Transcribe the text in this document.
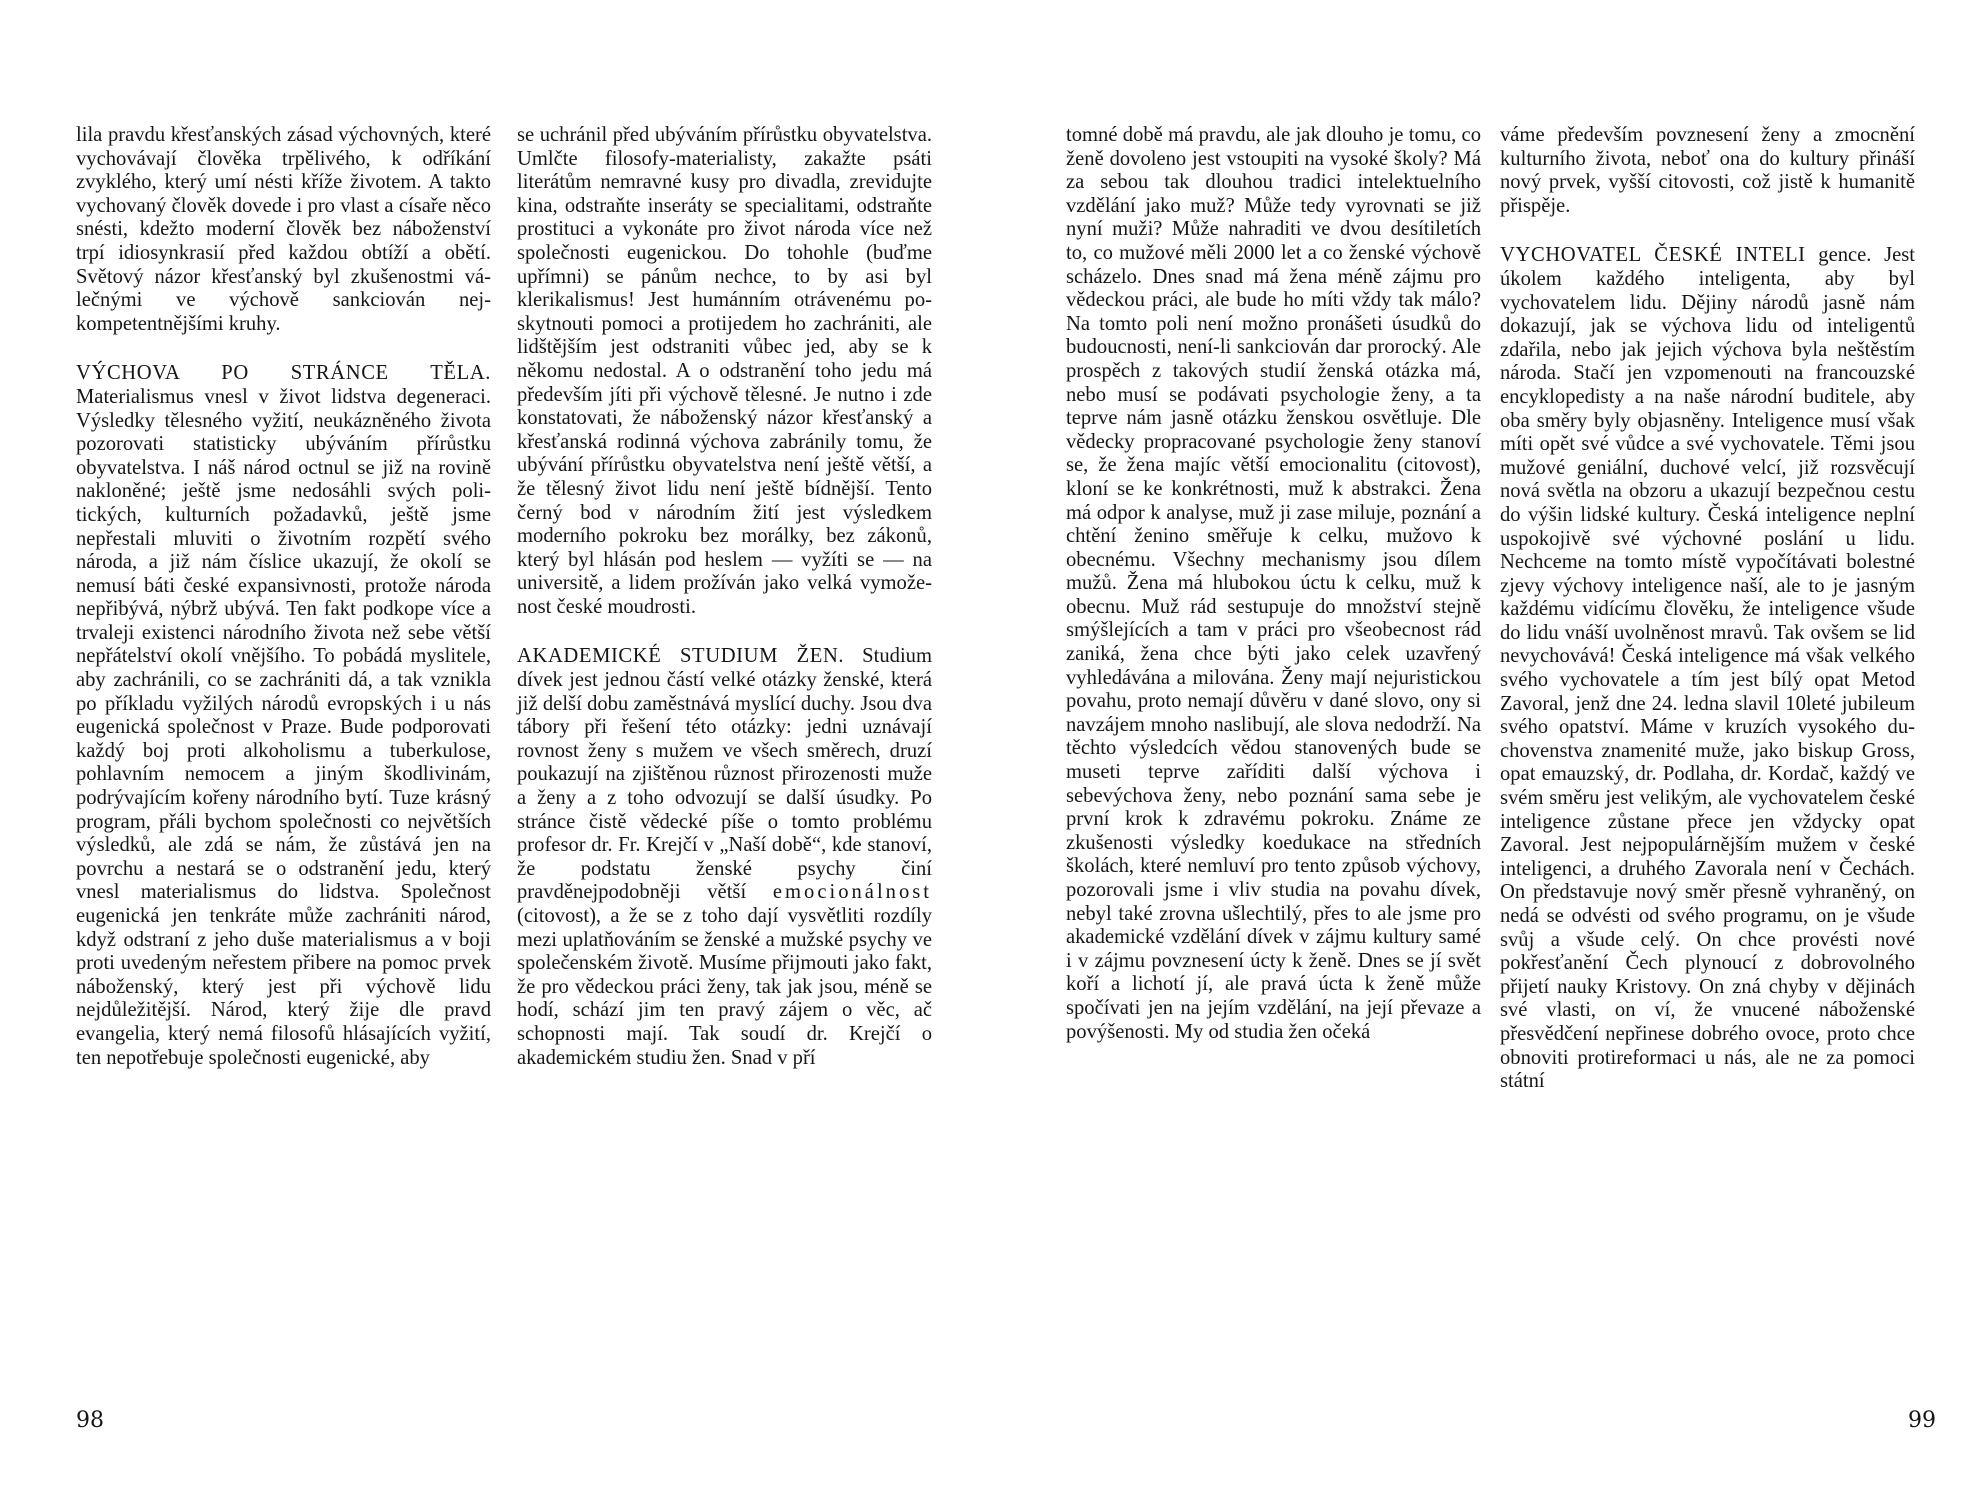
lila pravdu křesťanských zásad výchovných, které vychovávají člověka trpělivého, k odříkání zvyklého, který umí nésti kříže životem. A takto vychovaný člověk dovede i pro vlast a císaře něco snésti, kdežto moderní člověk bez náboženství trpí idiosynkrasií před každou obtíží a obětí. Světový názor křesťanský byl zkušenostmi válečnými ve výchově sankciován nejkompetentnějšími kruhy.

VÝCHOVA PO STRÁNCE TĚLA. Materialismus vnesl v život lidstva degeneraci. Výsledky tělesného vyžití, neukázněného života pozorovati statisticky ubýváním přírůstku obyvatelstva. I náš národ octnul se již na rovině nakloněné; ještě jsme nedosáhli svých politických, kulturních požadavků, ještě jsme nepřestali mluviti o životním rozpětí svého národa, a již nám číslice ukazují, že okolí se nemusí báti české expansivnosti, protože národa nepřibývá, nýbrž ubývá. Ten fakt podkope více a trvaleji existenci národního života než sebe větší nepřátelství okolí vnějšího. To pobádá myslitele, aby zachránili, co se zachrániti dá, a tak vznikla po příkladu vyžilých národů evropských i u nás eugenická společnost v Praze. Bude podporovati každý boj proti alkoholismu a tuberkulose, pohlavním nemocem a jiným škodlivinám, podrývajícím kořeny národního bytí. Tuze krásný program, přáli bychom společnosti co největších výsledků, ale zdá se nám, že zůstává jen na povrchu a nestará se o odstranění jedu, který vnesl materialismus do lidstva. Společnost eugenická jen tenkráte může zachrániti národ, když odstraní z jeho duše materialismus a v boji proti uvedeným neřestem přibere na pomoc prvek náboženský, který jest při výchově lidu nejdůležitější. Národ, který žije dle pravd evangelia, který nemá filosofů hlásajících vyžití, ten nepotřebuje společnosti eugenické, aby

se uchránil před ubýváním přírůstku obyvatelstva. Umlčte filosofy-materialisty, zakažte psáti literátům nemravné kusy pro divadla, zrevidujte kina, odstraňte inseráty se specialitami, odstraňte prostituci a vykonáte pro život národa více než společnosti eugenickou. Do tohohle (buďme upřímni) se pánům nechce, to by asi byl klerikalismus! Jest humánním otrávenému poskytnouti pomoci a protijedem ho zachrániti, ale lidštějším jest odstraniti vůbec jed, aby se k někomu nedostal. A o odstranění toho jedu má především jíti při výchově tělesné. Je nutno i zde konstatovati, že náboženský názor křesťanský a křesťanská rodinná výchova zabránily tomu, že ubývání přírůstku obyvatelstva není ještě větší, a že tělesný život lidu není ještě bídnější. Tento černý bod v národním žití jest výsledkem moderního pokroku bez morálky, bez zákonů, který byl hlásán pod heslem — vyžíti se — na universitě, a lidem prožíván jako velká vymoženost české moudrosti.

AKADEMICKÉ STUDIUM ŽEN. Studium dívek jest jednou částí velké otázky ženské, která již delší dobu zaměstnává myslící duchy. Jsou dva tábory při řešení této otázky: jedni uznávají rovnost ženy s mužem ve všech směrech, druzí poukazují na zjištěnou různost přirozenosti muže a ženy a z toho odvozují se další úsudky. Po stránce čistě vědecké píše o tomto problému profesor dr. Fr. Krejčí v „Naší době“, kde stanoví, že podstatu ženské psychy činí pravděnejpodobněji větší emocionálnost (citovost), a že se z toho dají vysvětliti rozdíly mezi uplatňováním se ženské a mužské psychy ve společenském životě. Musíme přijmouti jako fakt, že pro vědeckou práci ženy, tak jak jsou, méně se hodí, schází jim ten pravý zájem o věc, ač schopnosti mají. Tak soudí dr. Krejčí o akademickém studiu žen. Snad v pří

98

tomné době má pravdu, ale jak dlouho je tomu, co ženě dovoleno jest vstoupiti na vysoké školy? Má za sebou tak dlouhou tradici intelektuelního vzdělání jako muž? Může tedy vyrovnati se již nyní muži? Může nahraditi ve dvou desítiletích to, co mužové měli 2000 let a co ženské výchově scházelo. Dnes snad má žena méně zájmu pro vědeckou práci, ale bude ho míti vždy tak málo? Na tomto poli není možno pronášeti úsudků do budoucnosti, není-li sankciován dar prorocký. Ale prospěch z takových studií ženská otázka má, nebo musí se podávati psychologie ženy, a ta teprve nám jasně otázku ženskou osvětluje. Dle vědecky propracované psychologie ženy stanoví se, že žena majíc větší emocionalitu (citovost), kloní se ke konkrétnosti, muž k abstrakci. Žena má odpor k analyse, muž ji zase miluje, poznání a chtění ženino směřuje k celku, mužovo k obecnému. Všechny mechanismy jsou dílem mužů. Žena má hlubokou úctu k celku, muž k obecnu. Muž rád sestupuje do množství stejně smýšlejících a tam v práci pro všeobecnost rád zaniká, žena chce býti jako celek uzavřený vyhledávána a milována. Ženy mají nejuristickou povahu, proto nemají důvěru v dané slovo, ony si navzájem mnoho naslibují, ale slova nedodrží. Na těchto výsledcích vědou stanovených bude se museti teprve zaříditi další výchova i sebevýchova ženy, nebo poznání sama sebe je první krok k zdravému pokroku. Známe ze zkušenosti výsledky koedukace na středních školách, které nemluví pro tento způsob výchovy, pozorovali jsme i vliv studia na povahu dívek, nebyl také zrovna ušlechtilý, přes to ale jsme pro akademické vzdělání dívek v zájmu kultury samé i v zájmu povznesení úcty k ženě. Dnes se jí svět koří a lichotí jí, ale pravá úcta k ženě může spočívati jen na jejím vzdělání, na její převaze a povýšenosti. My od studia žen očeká

váme především povznesení ženy a zmocnění kulturního života, neboť ona do kultury přináší nový prvek, vyšší citovosti, což jistě k humanitě přispěje.

VYCHOVATEL ČESKÉ INTELI gence. Jest úkolem každého inteligenta, aby byl vychovatelem lidu. Dějiny národů jasně nám dokazují, jak se výchova lidu od inteligentů zdařila, nebo jak jejich výchova byla neštěstím národa. Stačí jen vzpomenouti na francouzské encyklopedisty a na naše národní buditele, aby oba směry byly objasněny. Inteligence musí však míti opět své vůdce a své vychovatele. Těmi jsou mužové geniální, duchové velcí, již rozsvěcují nová světla na obzoru a ukazují bezpečnou cestu do výšin lidské kultury. Česká inteligence neplní uspokojivě své výchovné poslání u lidu. Nechceme na tomto místě vypočítávati bolestné zjevy výchovy inteligence naší, ale to je jasným každému vidícímu člověku, že inteligence všude do lidu vnáší uvolněnost mravů. Tak ovšem se lid nevychovává! Česká inteligence má však velkého svého vychovatele a tím jest bílý opat Metod Zavoral, jenž dne 24. ledna slavil 10leté jubileum svého opatství. Máme v kruzích vysokého duchovenstva znamenité muže, jako biskup Gross, opat emauzský, dr. Podlaha, dr. Kordač, každý ve svém směru jest velikým, ale vychovatelem české inteligence zůstane přece jen vždycky opat Zavoral. Jest nejpopulárnějším mužem v české inteligenci, a druhého Zavorala není v Čechách. On představuje nový směr přesně vyhraněný, on nedá se odvésti od svého programu, on je všude svůj a všude celý. On chce provésti nové pokřesťanění Čech plynoucí z dobrovolného přijetí nauky Kristovy. On zná chyby v dějinách své vlasti, on ví, že vnucené náboženské přesvědčení nepřinese dobrého ovoce, proto chce obnoviti protireformaci u nás, ale ne za pomoci státní

99
